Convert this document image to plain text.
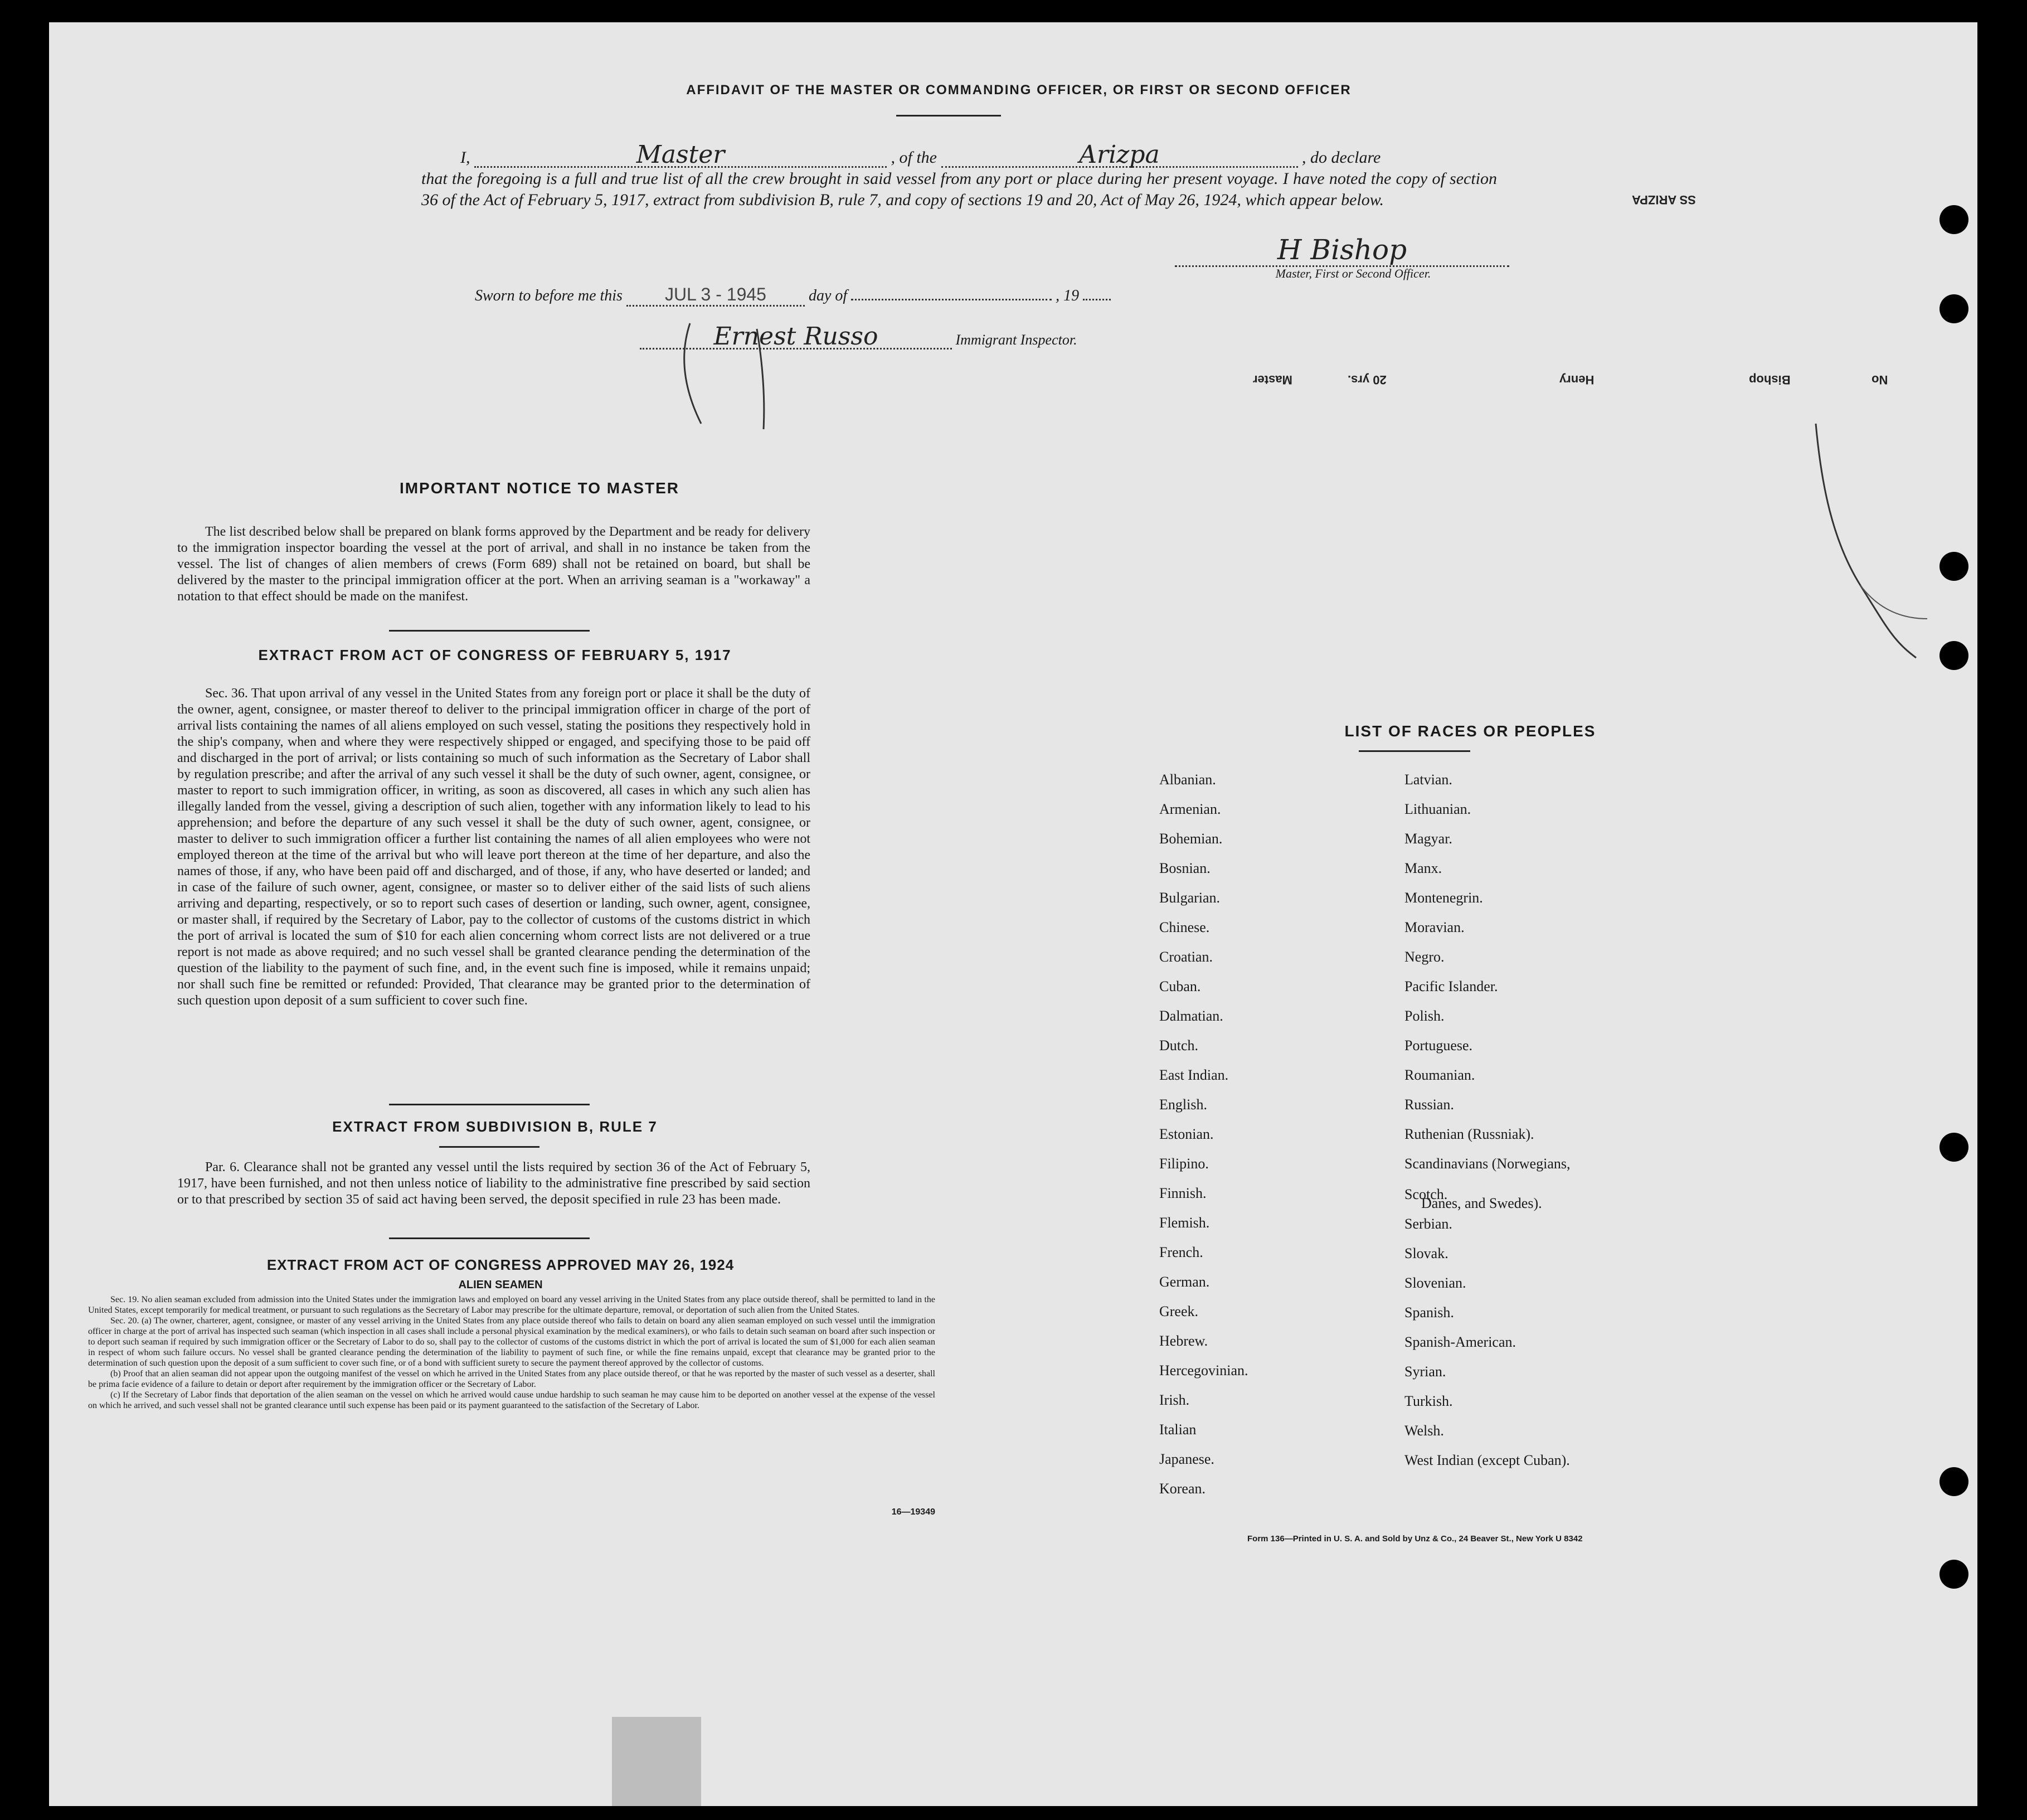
AFFIDAVIT OF THE MASTER OR COMMANDING OFFICER, OR FIRST OR SECOND OFFICER
I,	Master	, of the	Arizpa	, do declare
that the foregoing is a full and true list of all the crew brought in said vessel from any port or place during her present voyage. I have noted the copy of section 36 of the Act of February 5, 1917, extract from subdivision B, rule 7, and copy of sections 19 and 20, Act of May 26, 1924, which appear below.
H Bishop
Master, First or Second Officer.
Sworn to before me this JUL 3 - 1945	day of	, 19
Ernest Russo	Immigrant Inspector.
SS ARIZPA
No
Bishop
Henry
20 yrs.
Master
IMPORTANT NOTICE TO MASTER
The list described below shall be prepared on blank forms approved by the Department and be ready for delivery to the immigration inspector boarding the vessel at the port of arrival, and shall in no instance be taken from the vessel. The list of changes of alien members of crews (Form 689) shall not be retained on board, but shall be delivered by the master to the principal immigration officer at the port. When an arriving seaman is a "workaway" a notation to that effect should be made on the manifest.
EXTRACT FROM ACT OF CONGRESS OF FEBRUARY 5, 1917
Sec. 36. That upon arrival of any vessel in the United States from any foreign port or place it shall be the duty of the owner, agent, consignee, or master thereof to deliver to the principal immigration officer in charge of the port of arrival lists containing the names of all aliens employed on such vessel, stating the positions they respectively hold in the ship's company, when and where they were respectively shipped or engaged, and specifying those to be paid off and discharged in the port of arrival; or lists containing so much of such information as the Secretary of Labor shall by regulation prescribe; and after the arrival of any such vessel it shall be the duty of such owner, agent, consignee, or master to report to such immigration officer, in writing, as soon as discovered, all cases in which any such alien has illegally landed from the vessel, giving a description of such alien, together with any information likely to lead to his apprehension; and before the departure of any such vessel it shall be the duty of such owner, agent, consignee, or master to deliver to such immigration officer a further list containing the names of all alien employees who were not employed thereon at the time of the arrival but who will leave port thereon at the time of her departure, and also the names of those, if any, who have been paid off and discharged, and of those, if any, who have deserted or landed; and in case of the failure of such owner, agent, consignee, or master so to deliver either of the said lists of such aliens arriving and departing, respectively, or so to report such cases of desertion or landing, such owner, agent, consignee, or master shall, if required by the Secretary of Labor, pay to the collector of customs of the customs district in which the port of arrival is located the sum of $10 for each alien concerning whom correct lists are not delivered or a true report is not made as above required; and no such vessel shall be granted clearance pending the determination of the question of the liability to the payment of such fine, and, in the event such fine is imposed, while it remains unpaid; nor shall such fine be remitted or refunded: Provided, That clearance may be granted prior to the determination of such question upon deposit of a sum sufficient to cover such fine.
EXTRACT FROM SUBDIVISION B, RULE 7
Par. 6. Clearance shall not be granted any vessel until the lists required by section 36 of the Act of February 5, 1917, have been furnished, and not then unless notice of liability to the administrative fine prescribed by said section or to that prescribed by section 35 of said act having been served, the deposit specified in rule 23 has been made.
EXTRACT FROM ACT OF CONGRESS APPROVED MAY 26, 1924
ALIEN SEAMEN
Sec. 19. No alien seaman excluded from admission into the United States under the immigration laws and employed on board any vessel arriving in the United States from any place outside thereof, shall be permitted to land in the United States, except temporarily for medical treatment, or pursuant to such regulations as the Secretary of Labor may prescribe for the ultimate departure, removal, or deportation of such alien from the United States.
Sec. 20. (a) The owner, charterer, agent, consignee, or master of any vessel arriving in the United States from any place outside thereof who fails to detain on board any alien seaman employed on such vessel until the immigration officer in charge at the port of arrival has inspected such seaman (which inspection in all cases shall include a personal physical examination by the medical examiners), or who fails to detain such seaman on board after such inspection or to deport such seaman if required by such immigration officer or the Secretary of Labor to do so, shall pay to the collector of customs of the customs district in which the port of arrival is located the sum of $1,000 for each alien seaman in respect of whom such failure occurs. No vessel shall be granted clearance pending the determination of the liability to payment of such fine, or while the fine remains unpaid, except that clearance may be granted prior to the determination of such question upon the deposit of a sum sufficient to cover such fine, or of a bond with sufficient surety to secure the payment thereof approved by the collector of customs.
(b) Proof that an alien seaman did not appear upon the outgoing manifest of the vessel on which he arrived in the United States from any place outside thereof, or that he was reported by the master of such vessel as a deserter, shall be prima facie evidence of a failure to detain or deport after requirement by the immigration officer or the Secretary of Labor.
(c) If the Secretary of Labor finds that deportation of the alien seaman on the vessel on which he arrived would cause undue hardship to such seaman he may cause him to be deported on another vessel at the expense of the vessel on which he arrived, and such vessel shall not be granted clearance until such expense has been paid or its payment guaranteed to the satisfaction of the Secretary of Labor.
16—19349
LIST OF RACES OR PEOPLES
Danes, and Swedes).
Form 136—Printed in U. S. A. and Sold by Unz & Co., 24 Beaver St., New York U 8342
Albanian.
Armenian.
Bohemian.
Bosnian.
Bulgarian.
Chinese.
Croatian.
Cuban.
Dalmatian.
Dutch.
East Indian.
English.
Estonian.
Filipino.
Finnish.
Flemish.
French.
German.
Greek.
Hebrew.
Hercegovinian.
Irish.
Italian
Japanese.
Korean.
Latvian.
Lithuanian.
Magyar.
Manx.
Montenegrin.
Moravian.
Negro.
Pacific Islander.
Polish.
Portuguese.
Roumanian.
Russian.
Ruthenian (Russniak).
Scandinavians (Norwegians,
Scotch.
Serbian.
Slovak.
Slovenian.
Spanish.
Spanish-American.
Syrian.
Turkish.
Welsh.
West Indian (except Cuban).
